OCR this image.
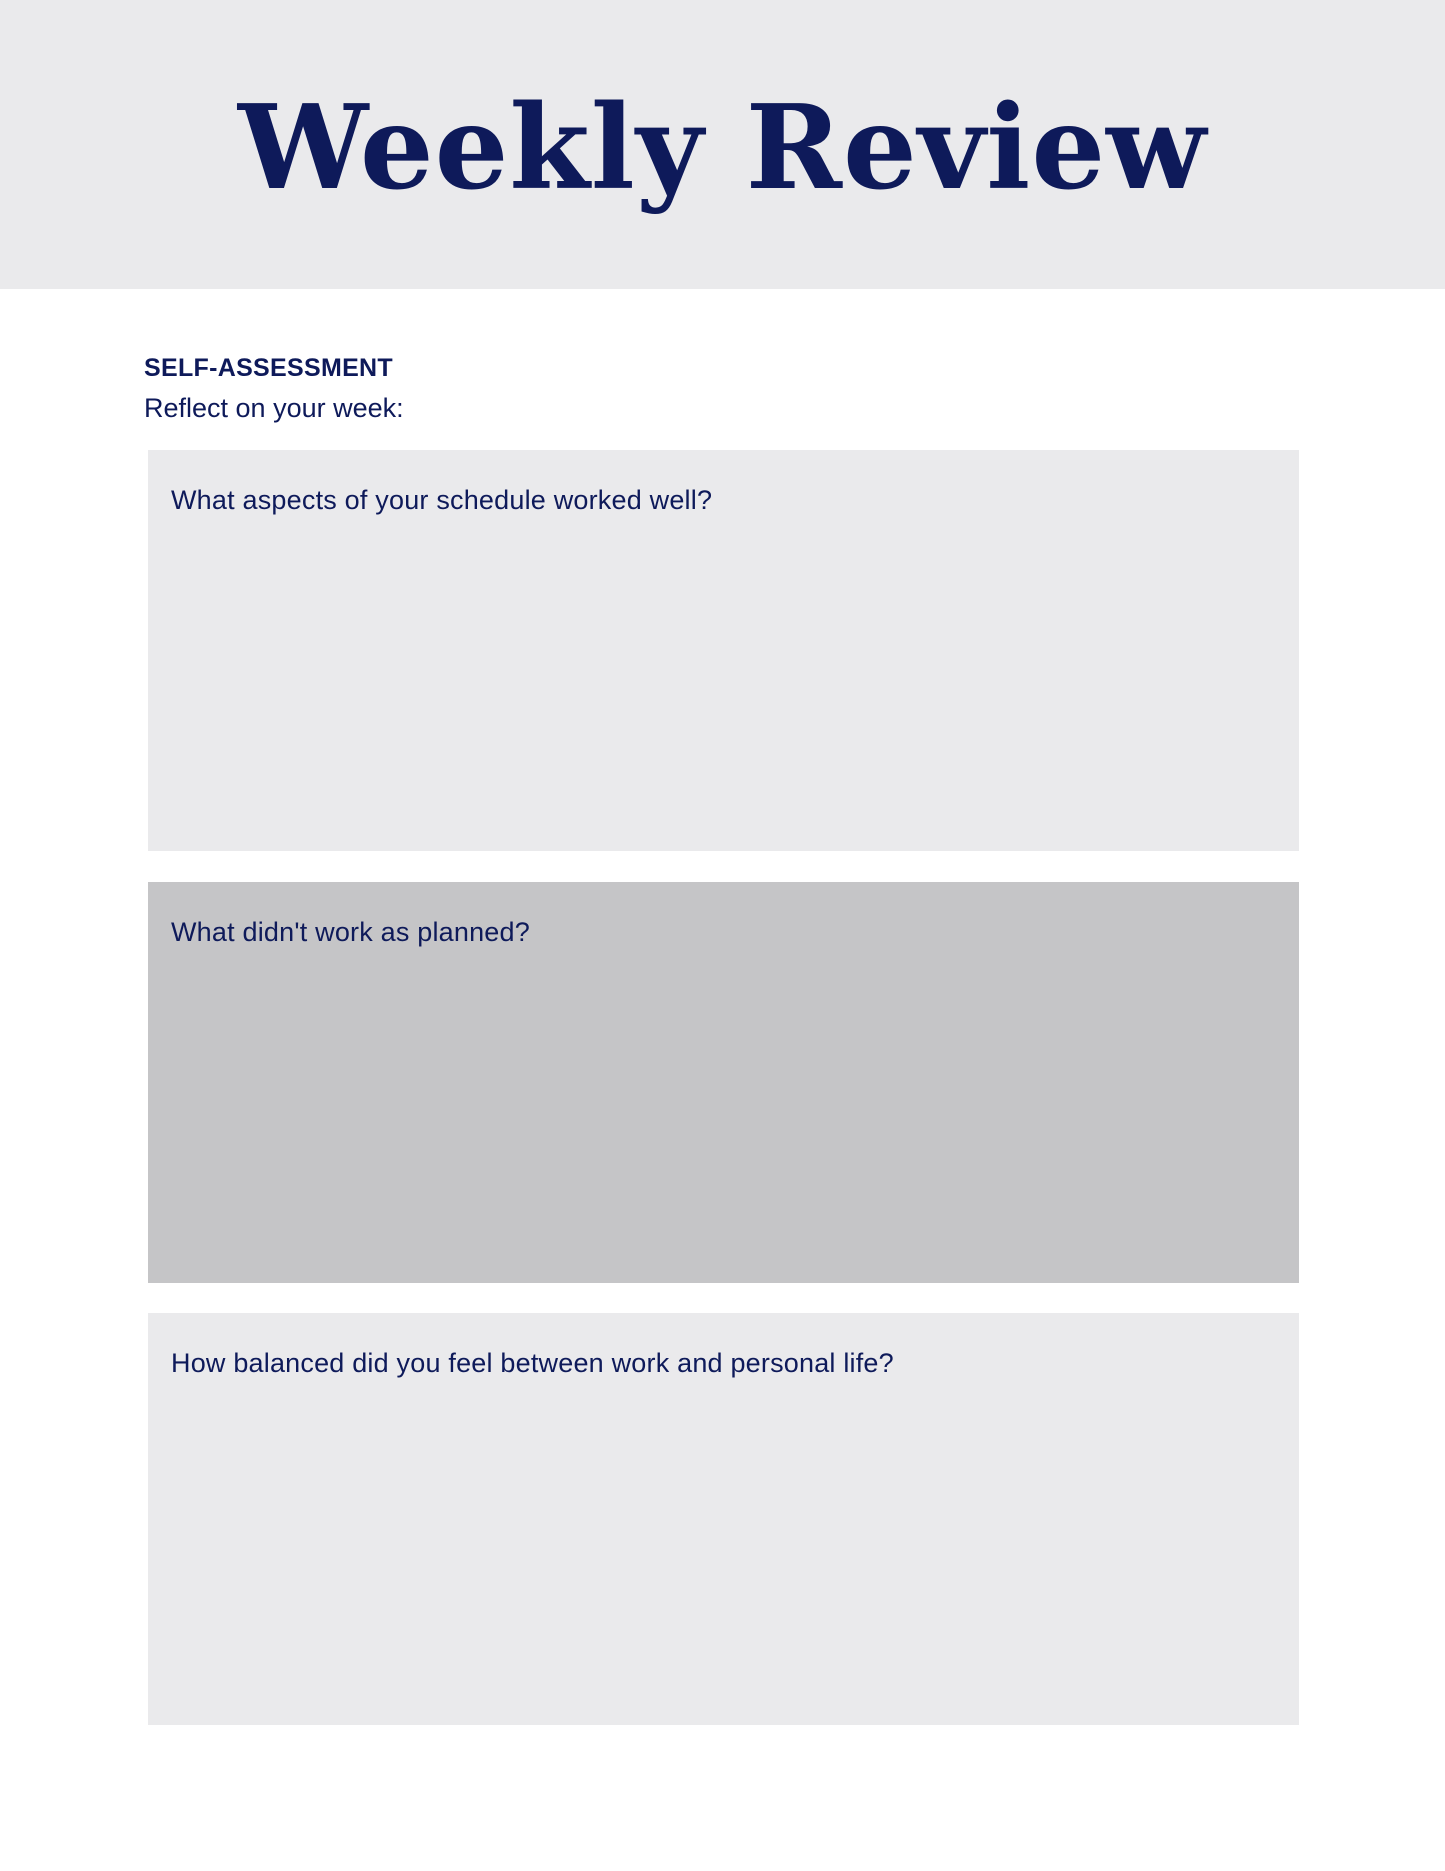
Weekly Review
SELF-ASSESSMENT
Reflect on your week:
What aspects of your schedule worked well?
What didn't work as planned?
How balanced did you feel between work and personal life?
